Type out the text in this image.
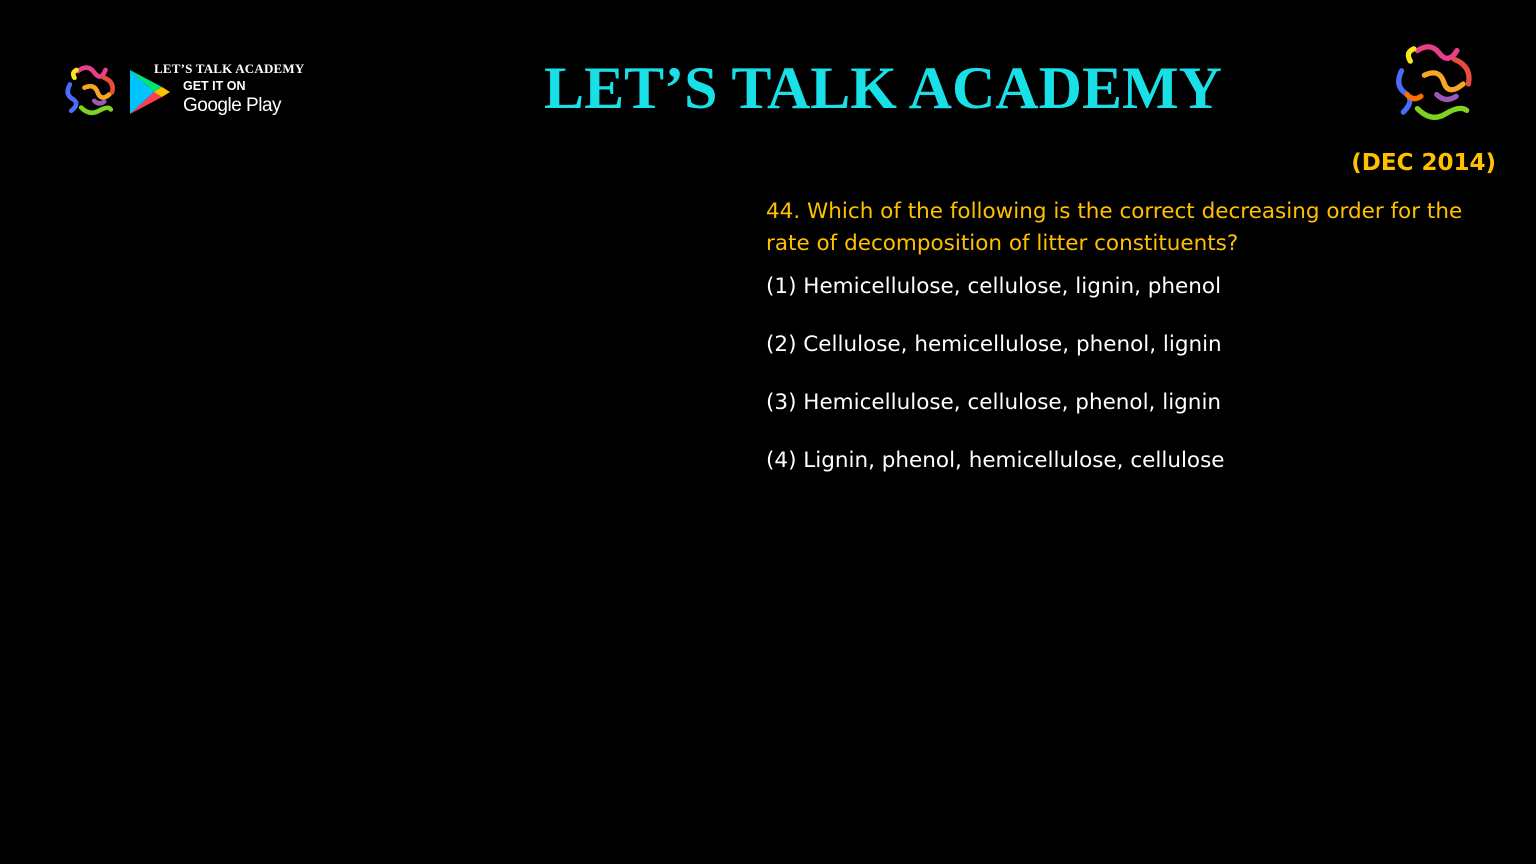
LET’S TALK ACADEMY
GET IT ON
Google Play	LET’S TALK ACADEMY
(DEC 2014)
44. Which of the following is the correct decreasing order for the rate of decomposition of litter constituents?
(1) Hemicellulose, cellulose, lignin, phenol
(2) Cellulose, hemicellulose, phenol, lignin
(3) Hemicellulose, cellulose, phenol, lignin
(4) Lignin, phenol, hemicellulose, cellulose
